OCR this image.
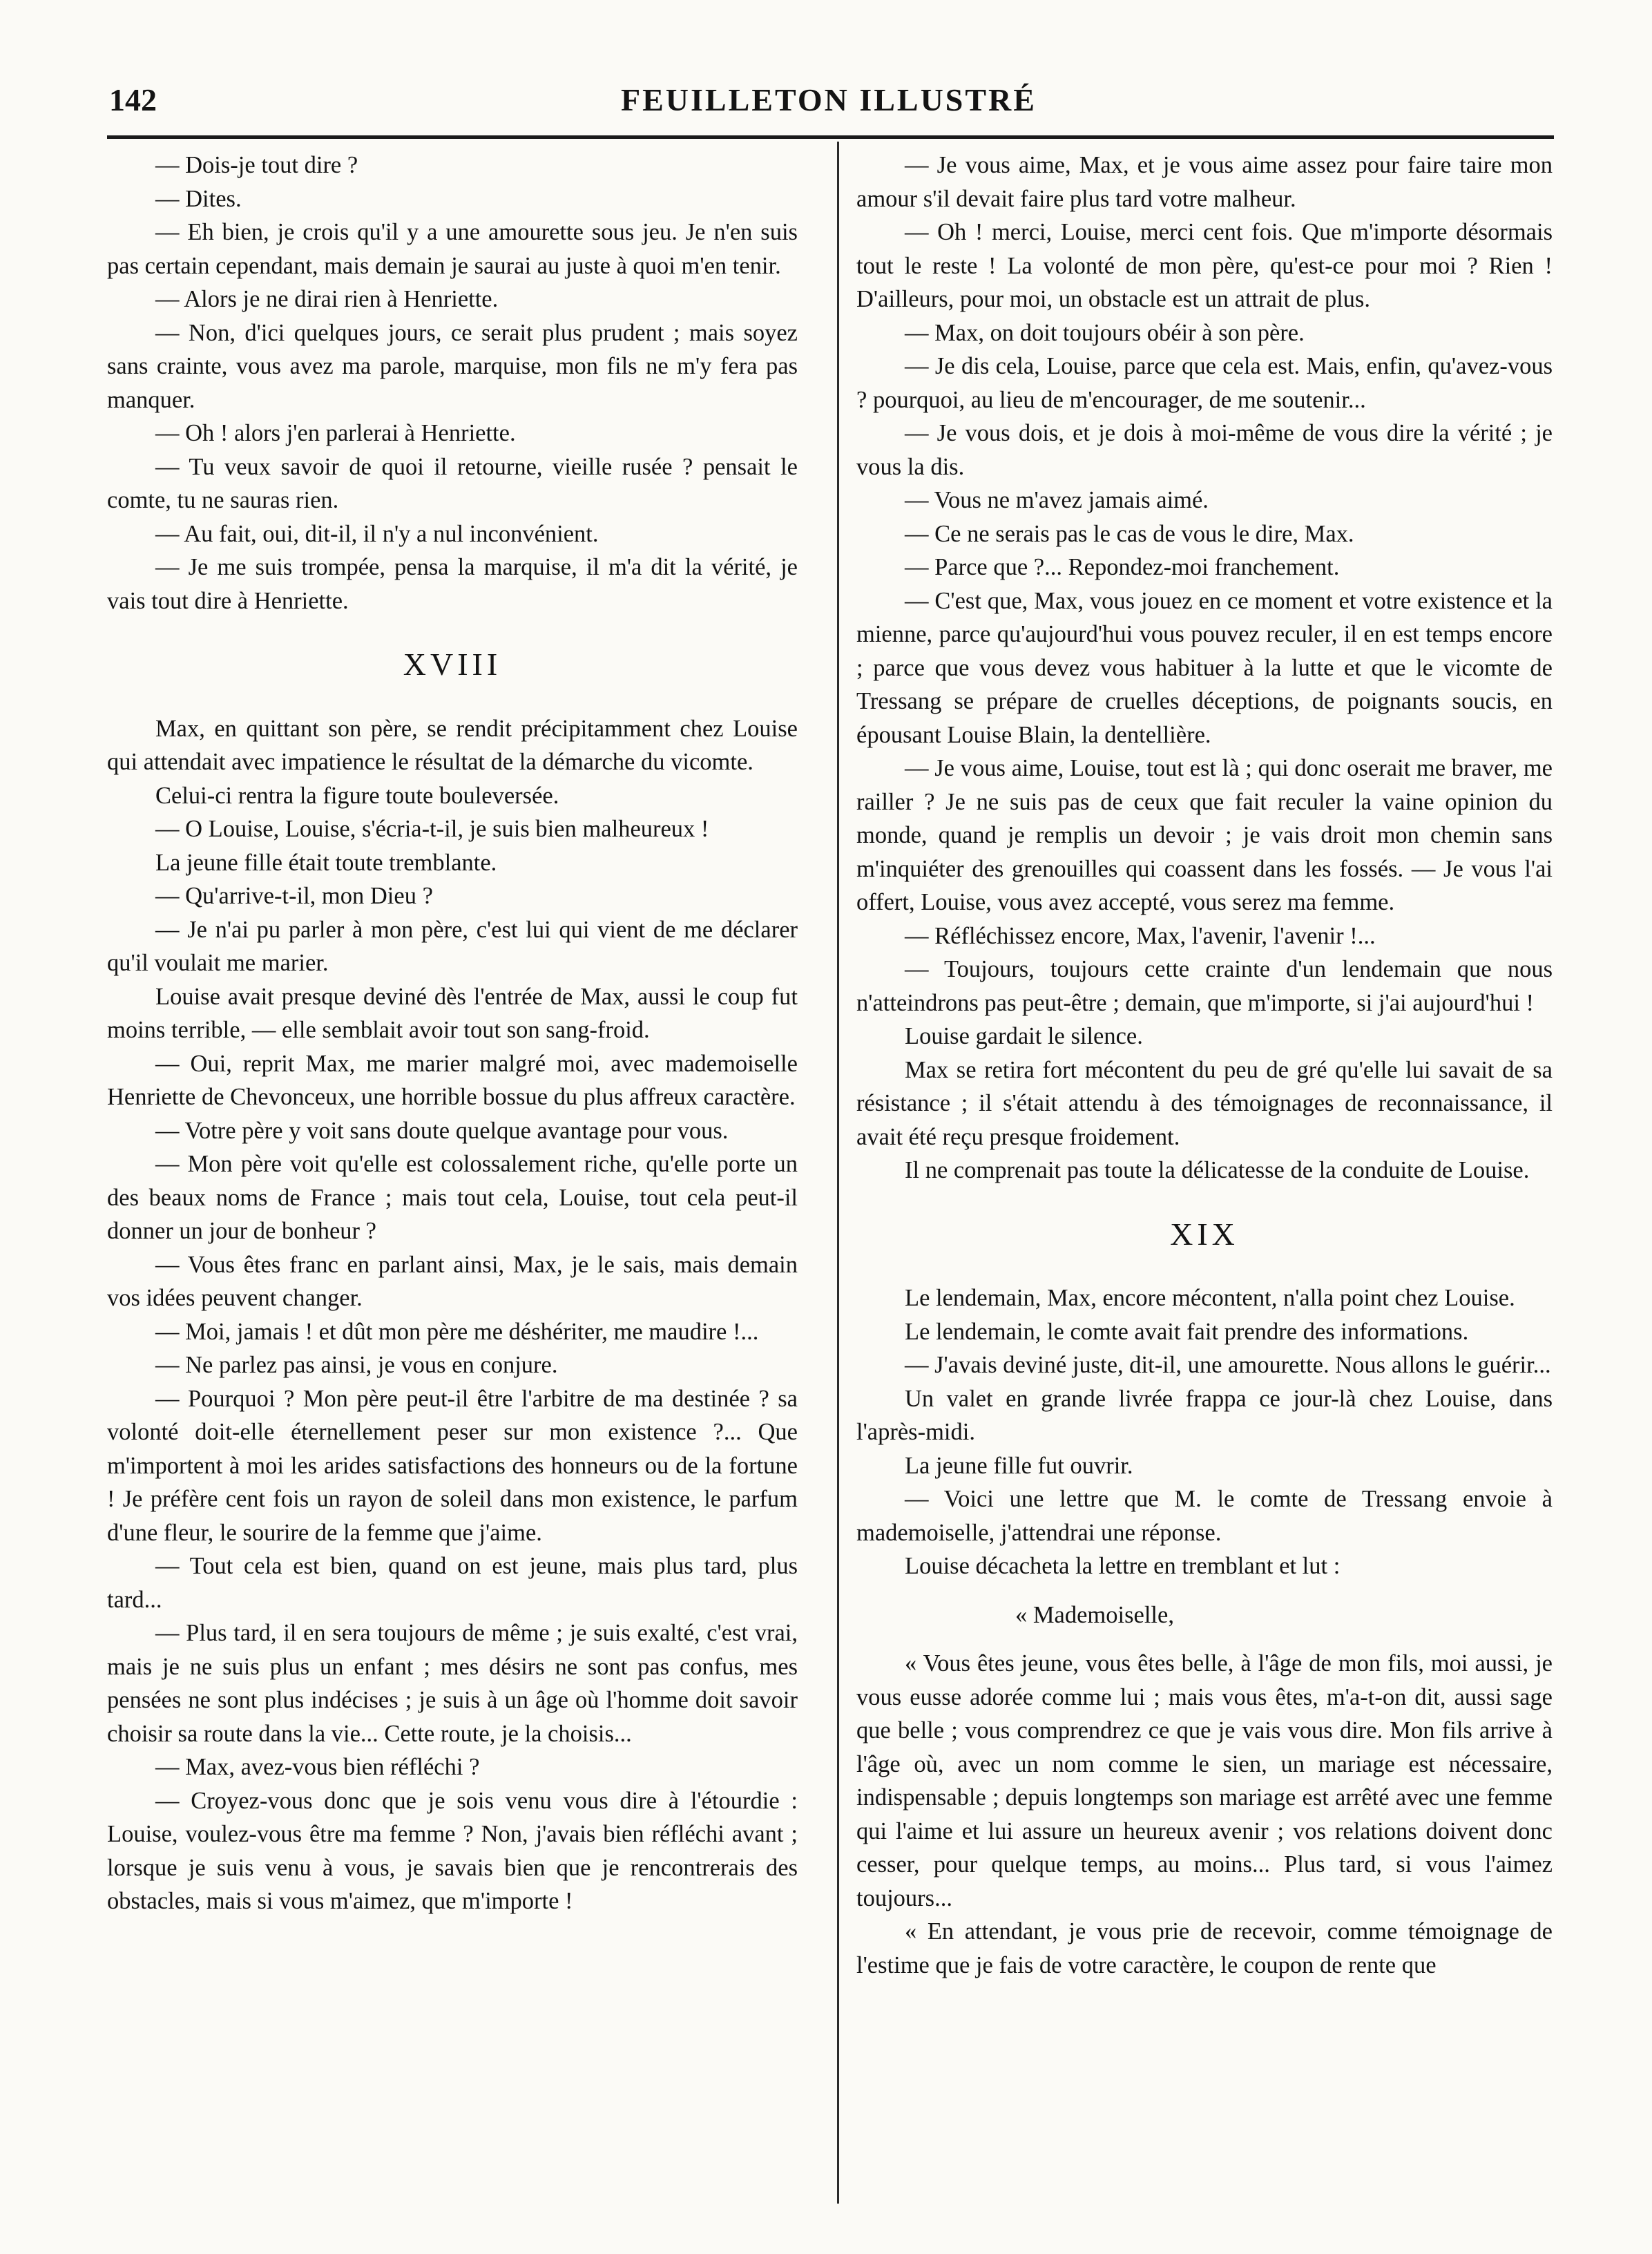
142	FEUILLETON ILLUSTRÉ

— Dois-je tout dire ?

— Dites.

— Eh bien, je crois qu'il y a une amourette sous jeu. Je n'en suis pas certain cependant, mais demain je saurai au juste à quoi m'en tenir.

— Alors je ne dirai rien à Henriette.

— Non, d'ici quelques jours, ce serait plus prudent ; mais soyez sans crainte, vous avez ma parole, marquise, mon fils ne m'y fera pas manquer.

— Oh ! alors j'en parlerai à Henriette.

— Tu veux savoir de quoi il retourne, vieille rusée ? pensait le comte, tu ne sauras rien.

— Au fait, oui, dit-il, il n'y a nul inconvénient.

— Je me suis trompée, pensa la marquise, il m'a dit la vérité, je vais tout dire à Henriette.

XVIII

Max, en quittant son père, se rendit précipitamment chez Louise qui attendait avec impatience le résultat de la démarche du vicomte.

Celui-ci rentra la figure toute bouleversée.

— O Louise, Louise, s'écria-t-il, je suis bien malheureux !

La jeune fille était toute tremblante.

— Qu'arrive-t-il, mon Dieu ?

— Je n'ai pu parler à mon père, c'est lui qui vient de me déclarer qu'il voulait me marier.

Louise avait presque deviné dès l'entrée de Max, aussi le coup fut moins terrible, — elle semblait avoir tout son sang-froid.

— Oui, reprit Max, me marier malgré moi, avec mademoiselle Henriette de Chevonceux, une horrible bossue du plus affreux caractère.

— Votre père y voit sans doute quelque avantage pour vous.

— Mon père voit qu'elle est colossalement riche, qu'elle porte un des beaux noms de France ; mais tout cela, Louise, tout cela peut-il donner un jour de bonheur ?

— Vous êtes franc en parlant ainsi, Max, je le sais, mais demain vos idées peuvent changer.

— Moi, jamais ! et dût mon père me déshériter, me maudire !...

— Ne parlez pas ainsi, je vous en conjure.

— Pourquoi ? Mon père peut-il être l'arbitre de ma destinée ? sa volonté doit-elle éternellement peser sur mon existence ?... Que m'importent à moi les arides satisfactions des honneurs ou de la fortune ! Je préfère cent fois un rayon de soleil dans mon existence, le parfum d'une fleur, le sourire de la femme que j'aime.

— Tout cela est bien, quand on est jeune, mais plus tard, plus tard...

— Plus tard, il en sera toujours de même ; je suis exalté, c'est vrai, mais je ne suis plus un enfant ; mes désirs ne sont pas confus, mes pensées ne sont plus indécises ; je suis à un âge où l'homme doit savoir choisir sa route dans la vie... Cette route, je la choisis...

— Max, avez-vous bien réfléchi ?

— Croyez-vous donc que je sois venu vous dire à l'étourdie : Louise, voulez-vous être ma femme ? Non, j'avais bien réfléchi avant ; lorsque je suis venu à vous, je savais bien que je rencontrerais des obstacles, mais si vous m'aimez, que m'importe !

— Je vous aime, Max, et je vous aime assez pour faire taire mon amour s'il devait faire plus tard votre malheur.

— Oh ! merci, Louise, merci cent fois. Que m'importe désormais tout le reste ! La volonté de mon père, qu'est-ce pour moi ? Rien ! D'ailleurs, pour moi, un obstacle est un attrait de plus.

— Max, on doit toujours obéir à son père.

— Je dis cela, Louise, parce que cela est. Mais, enfin, qu'avez-vous ? pourquoi, au lieu de m'encourager, de me soutenir...

— Je vous dois, et je dois à moi-même de vous dire la vérité ; je vous la dis.

— Vous ne m'avez jamais aimé.

— Ce ne serais pas le cas de vous le dire, Max.

— Parce que ?... Repondez-moi franchement.

— C'est que, Max, vous jouez en ce moment et votre existence et la mienne, parce qu'aujourd'hui vous pouvez reculer, il en est temps encore ; parce que vous devez vous habituer à la lutte et que le vicomte de Tressang se prépare de cruelles déceptions, de poignants soucis, en épousant Louise Blain, la dentellière.

— Je vous aime, Louise, tout est là ; qui donc oserait me braver, me railler ? Je ne suis pas de ceux que fait reculer la vaine opinion du monde, quand je remplis un devoir ; je vais droit mon chemin sans m'inquiéter des grenouilles qui coassent dans les fossés. — Je vous l'ai offert, Louise, vous avez accepté, vous serez ma femme.

— Réfléchissez encore, Max, l'avenir, l'avenir !...

— Toujours, toujours cette crainte d'un lendemain que nous n'atteindrons pas peut-être ; demain, que m'importe, si j'ai aujourd'hui !

Louise gardait le silence.

Max se retira fort mécontent du peu de gré qu'elle lui savait de sa résistance ; il s'était attendu à des témoignages de reconnaissance, il avait été reçu presque froidement.

Il ne comprenait pas toute la délicatesse de la conduite de Louise.

XIX

Le lendemain, Max, encore mécontent, n'alla point chez Louise.

Le lendemain, le comte avait fait prendre des informations.

— J'avais deviné juste, dit-il, une amourette. Nous allons le guérir...

Un valet en grande livrée frappa ce jour-là chez Louise, dans l'après-midi.

La jeune fille fut ouvrir.

— Voici une lettre que M. le comte de Tressang envoie à mademoiselle, j'attendrai une réponse.

Louise décacheta la lettre en tremblant et lut :

« Mademoiselle,

« Vous êtes jeune, vous êtes belle, à l'âge de mon fils, moi aussi, je vous eusse adorée comme lui ; mais vous êtes, m'a-t-on dit, aussi sage que belle ; vous comprendrez ce que je vais vous dire. Mon fils arrive à l'âge où, avec un nom comme le sien, un mariage est nécessaire, indispensable ; depuis longtemps son mariage est arrêté avec une femme qui l'aime et lui assure un heureux avenir ; vos relations doivent donc cesser, pour quelque temps, au moins... Plus tard, si vous l'aimez toujours...

« En attendant, je vous prie de recevoir, comme témoignage de l'estime que je fais de votre caractère, le coupon de rente que
